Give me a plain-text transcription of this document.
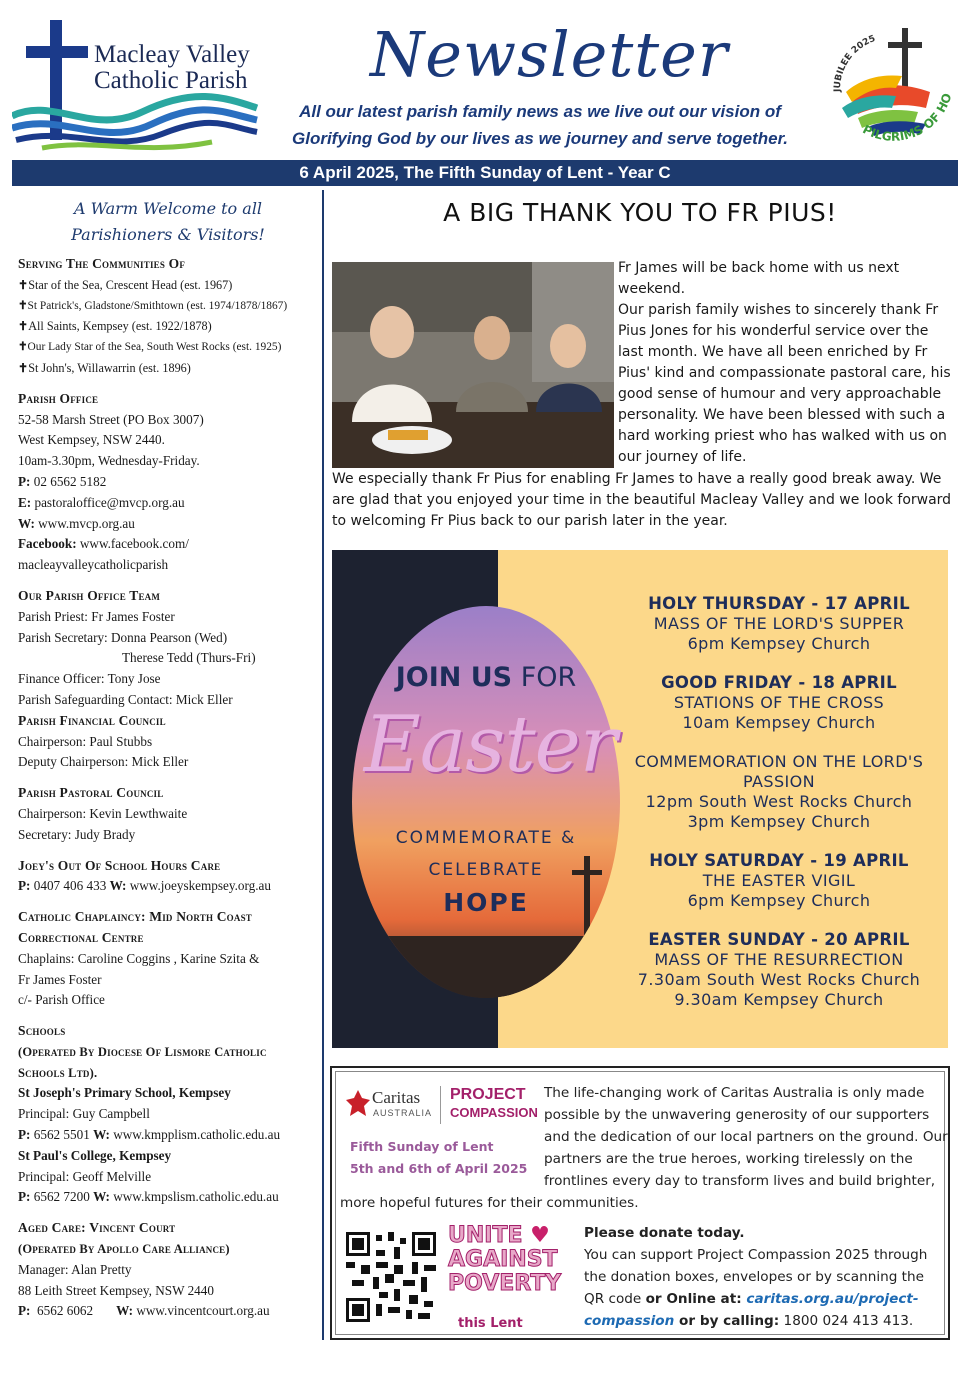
Macleay Valley
Catholic Parish Newsletter
All our latest parish family news as we live out our vision of
Glorifying God by our lives as we journey and serve together.
JUBILEE 2025
PILGRIMS OF HO
6 April 2025, The Fifth Sunday of Lent - Year C
A Warm Welcome to all
Parishioners & Visitors!
Serving The Communities Of
✝Star of the Sea, Crescent Head (est. 1967)
✝St Patrick's, Gladstone/Smithtown (est. 1974/1878/1867)
✝All Saints, Kempsey (est. 1922/1878)
✝Our Lady Star of the Sea, South West Rocks (est. 1925)
✝St John's, Willawarrin (est. 1896)
Parish Office
52-58 Marsh Street (PO Box 3007)
West Kempsey, NSW 2440.
10am-3.30pm, Wednesday-Friday.
P: 02 6562 5182
E: pastoraloffice@mvcp.org.au
W: www.mvcp.org.au
Facebook: www.facebook.com/
macleayvalleycatholicparish
Our Parish Office Team
Parish Priest: Fr James Foster
Parish Secretary: Donna Pearson (Wed)
Therese Tedd (Thurs-Fri)
Finance Officer: Tony Jose
Parish Safeguarding Contact: Mick Eller
Parish Financial Council
Chairperson: Paul Stubbs
Deputy Chairperson: Mick Eller
Parish Pastoral Council
Chairperson: Kevin Lewthwaite
Secretary: Judy Brady
Joey's Out Of School Hours Care
P: 0407 406 433 W: www.joeyskempsey.org.au
Catholic Chaplaincy: Mid North Coast
Correctional Centre
Chaplains: Caroline Coggins , Karine Szita &
Fr James Foster
c/- Parish Office
Schools
(Operated By Diocese Of Lismore Catholic
Schools Ltd).
St Joseph's Primary School, Kempsey
Principal: Guy Campbell
P: 6562 5501 W: www.kmpplism.catholic.edu.au
St Paul's College, Kempsey
Principal: Geoff Melville
P: 6562 7200 W: www.kmpslism.catholic.edu.au
Aged Care: Vincent Court
(Operated By Apollo Care Alliance)
Manager: Alan Pretty
88 Leith Street Kempsey, NSW 2440
P:  6562 6062       W: www.vincentcourt.org.au
A BIG THANK YOU TO FR PIUS!
Fr James will be back home with us next weekend.
Our parish family wishes to sincerely thank Fr Pius Jones for his wonderful service over the last month. We have all been enriched by Fr Pius' kind and compassionate pastoral care, his good sense of humour and very approachable personality. We have been blessed with such a hard working priest who has walked with us on our journey of life.
We especially thank Fr Pius for enabling Fr James to have a really good break away. We are glad that you enjoyed your time in the beautiful Macleay Valley and we look forward to welcoming Fr Pius back to our parish later in the year.
JOIN US FOR
Easter
COMMEMORATE &
CELEBRATE
HOPE
HOLY THURSDAY - 17 APRIL
MASS OF THE LORD'S SUPPER
6pm Kempsey Church
GOOD FRIDAY - 18 APRIL
STATIONS OF THE CROSS
10am Kempsey Church
COMMEMORATION ON THE LORD'S
PASSION
12pm South West Rocks Church
3pm Kempsey Church
HOLY SATURDAY - 19 APRIL
THE EASTER VIGIL
6pm Kempsey Church
EASTER SUNDAY - 20 APRIL
MASS OF THE RESURRECTION
7.30am South West Rocks Church
9.30am Kempsey Church
Caritas
AUSTRALIA
PROJECT
COMPASSION
Fifth Sunday of Lent
5th and 6th of April 2025
The life-changing work of Caritas Australia is only made possible by the unwavering generosity of our supporters and the dedication of our local partners on the ground. Our partners are the true heroes, working tirelessly on the frontlines every day to transform lives and build brighter,
more hopeful futures for their communities.
UNITE ♥
AGAINST
POVERTY
this Lent
Please donate today.
You can support Project Compassion 2025 through the donation boxes, envelopes or by scanning the QR code or Online at: caritas.org.au/project-compassion or by calling: 1800 024 413 413.
